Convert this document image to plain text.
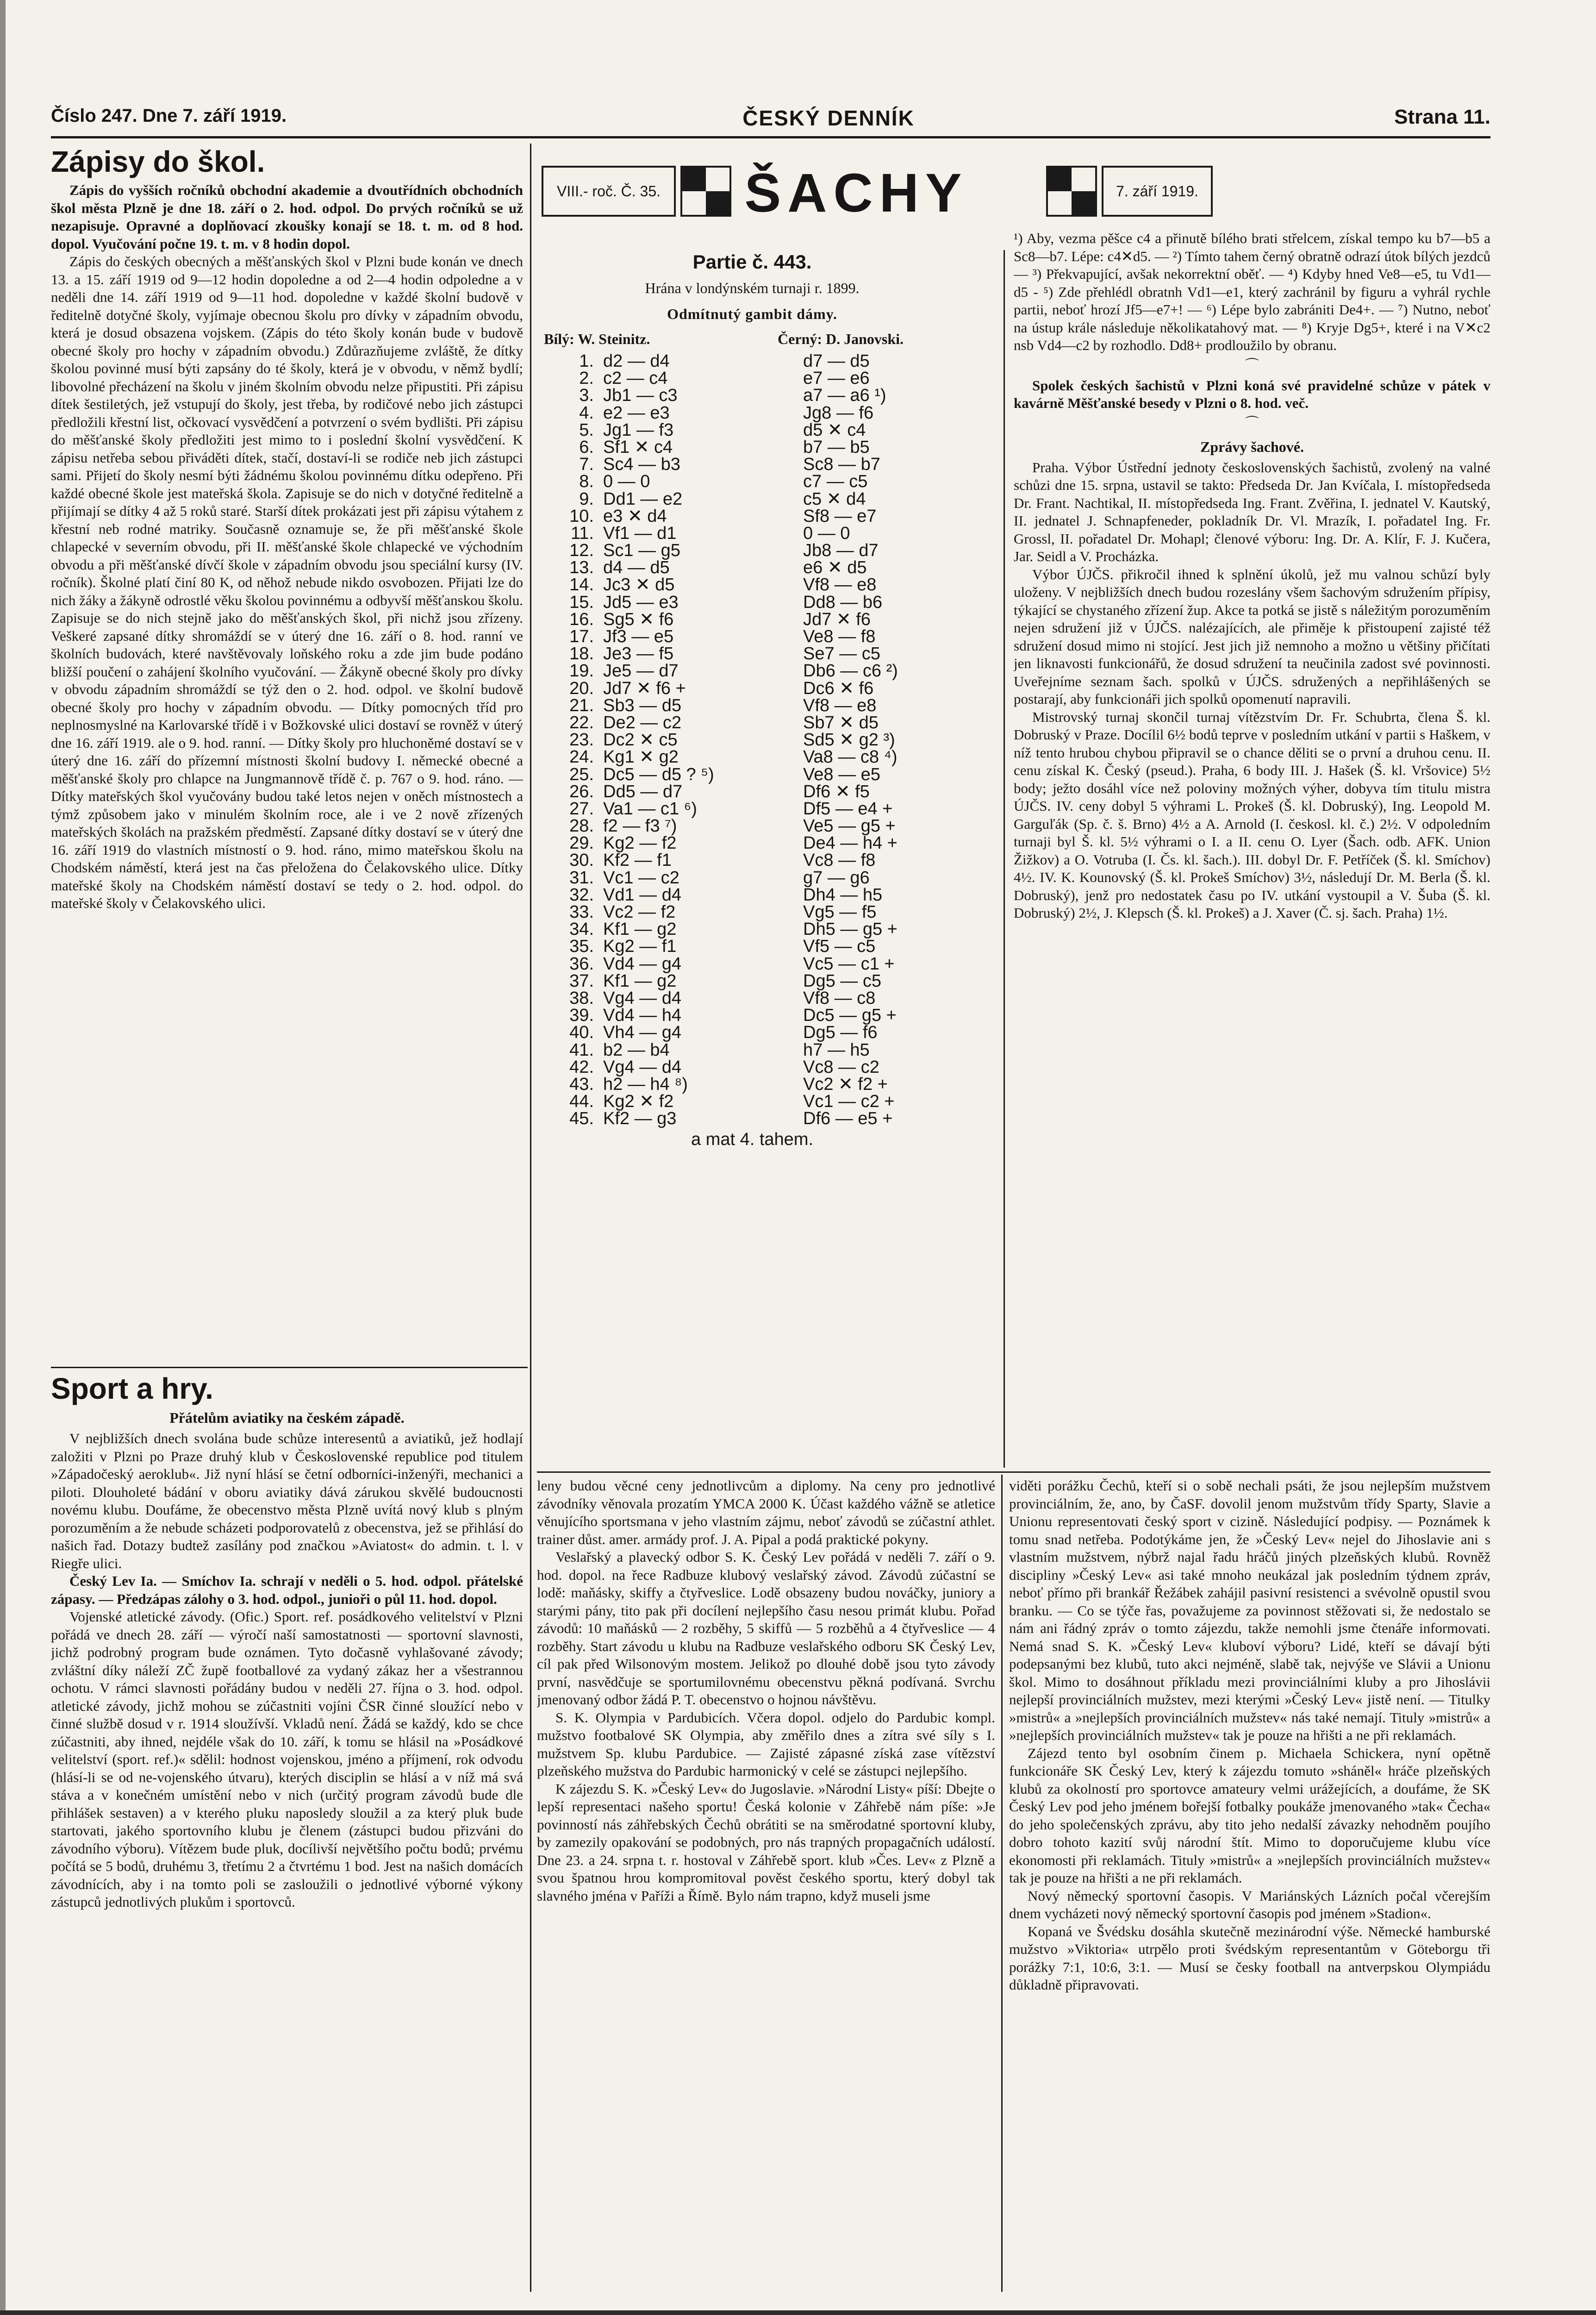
Číslo 247. Dne 7. září 1919.	ČESKÝ DENNÍK	Strana 11.
Zápisy do škol.

Zápis do vyšších ročníků obchodní akademie a dvoutřídních obchodních škol města Plzně je dne 18. září o 2. hod. odpol. Do prvých ročníků se už nezapisuje. Opravné a doplňovací zkoušky konají se 18. t. m. od 8 hod. dopol. Vyučování počne 19. t. m. v 8 hodin dopol.

Zápis do českých obecných a měšťanských škol v Plzni bude konán ve dnech 13. a 15. září 1919 od 9—12 hodin dopoledne a od 2—4 hodin odpoledne a v neděli dne 14. září 1919 od 9—11 hod. dopoledne v každé školní budově v ředitelně dotyčné školy, vyjímaje obecnou školu pro dívky v západním obvodu, která je dosud obsazena vojskem. (Zápis do této školy konán bude v budově obecné školy pro hochy v západním obvodu.) Zdůrazňujeme zvláště, že dítky školou povinné musí býti zapsány do té školy, která je v obvodu, v němž bydlí; libovolné přecházení na školu v jiném školním obvodu nelze připustiti. Při zápisu dítek šestiletých, jež vstupují do školy, jest třeba, by rodičové nebo jich zástupci předložili křestní list, očkovací vysvědčení a potvrzení o svém bydlišti. Při zápisu do měšťanské školy předložiti jest mimo to i poslední školní vysvědčení. K zápisu netřeba sebou přiváděti dítek, stačí, dostaví-li se rodiče neb jich zástupci sami. Přijetí do školy nesmí býti žádnému školou povinnému dítku odepřeno. Při každé obecné škole jest mateřská škola. Zapisuje se do nich v dotyčné ředitelně a přijímají se dítky 4 až 5 roků staré. Starší dítek prokázati jest při zápisu výtahem z křestní neb rodné matriky. Současně oznamuje se, že při měšťanské škole chlapecké v severním obvodu, při II. měšťanské škole chlapecké ve východním obvodu a při měšťanské dívčí škole v západním obvodu jsou speciální kursy (IV. ročník). Školné platí činí 80 K, od něhož nebude nikdo osvobozen. Přijati lze do nich žáky a žákyně odrostlé věku školou povinnému a odbyvší měšťanskou školu. Zapisuje se do nich stejně jako do měšťanských škol, při nichž jsou zřízeny. Veškeré zapsané dítky shromáždí se v úterý dne 16. září o 8. hod. ranní ve školních budovách, které navštěvovaly loňského roku a zde jim bude podáno bližší poučení o zahájení školního vyučování. — Žákyně obecné školy pro dívky v obvodu západním shromáždí se týž den o 2. hod. odpol. ve školní budově obecné školy pro hochy v západním obvodu. — Dítky pomocných tříd pro neplnosmyslné na Karlovarské třídě i v Božkovské ulici dostaví se rovněž v úterý dne 16. září 1919. ale o 9. hod. ranní. — Dítky školy pro hluchoněmé dostaví se v úterý dne 16. září do přízemní místnosti školní budovy I. německé obecné a měšťanské školy pro chlapce na Jungmannově třídě č. p. 767 o 9. hod. ráno. — Dítky mateřských škol vyučovány budou také letos nejen v oněch místnostech a týmž způsobem jako v minulém školním roce, ale i ve 2 nově zřízených mateřských školách na pražském předměstí. Zapsané dítky dostaví se v úterý dne 16. září 1919 do vlastních místností o 9. hod. ráno, mimo mateřskou školu na Chodském náměstí, která jest na čas přeložena do Čelakovského ulice. Dítky mateřské školy na Chodském náměstí dostaví se tedy o 2. hod. odpol. do mateřské školy v Čelakovského ulici.

Sport a hry.
Přátelům aviatiky na českém západě.

V nejbližších dnech svolána bude schůze interesentů a aviatiků, jež hodlají založiti v Plzni po Praze druhý klub v Československé republice pod titulem »Západočeský aeroklub«. Již nyní hlásí se četní odborníci-inženýři, mechanici a piloti. Dlouholeté bádání v oboru aviatiky dává zárukou skvělé budoucnosti novému klubu. Doufáme, že obecenstvo města Plzně uvítá nový klub s plným porozuměním a že nebude scházeti podporovatelů z obecenstva, jež se přihlásí do našich řad. Dotazy budtež zasílány pod značkou »Aviatost« do admin. t. l. v Riegře ulici.

Český Lev Ia. — Smíchov Ia. schrají v neděli o 5. hod. odpol. přátelské zápasy. — Předzápas zálohy o 3. hod. odpol., junioři o půl 11. hod. dopol.

Vojenské atletické závody. (Ofic.) Sport. ref. posádkového velitelství v Plzni pořádá ve dnech 28. září — výročí naší samostatnosti — sportovní slavnosti, jichž podrobný program bude oznámen. Tyto dočasně vyhlašované závody; zvláštní díky náleží ZČ župě footballové za vydaný zákaz her a všestrannou ochotu. V rámci slavnosti pořádány budou v neděli 27. října o 3. hod. odpol. atletické závody, jichž mohou se zúčastniti vojíni ČSR činné sloužící nebo v činné službě dosud v r. 1914 sloužívší. Vkladů není. Žádá se každý, kdo se chce zúčastniti, aby ihned, nejdéle však do 10. září, k tomu se hlásil na »Posádkové velitelství (sport. ref.)« sdělil: hodnost vojenskou, jméno a příjmení, rok odvodu (hlásí-li se od ne-vojenského útvaru), kterých disciplin se hlásí a v níž má svá stáva a v konečném umístění nebo v nich (určitý program závodů bude dle přihlášek sestaven) a v kterého pluku naposledy sloužil a za který pluk bude startovati, jakého sportovního klubu je členem (zástupci budou přizváni do závodního výboru). Vítězem bude pluk, docílivší největšího počtu bodů; prvému počítá se 5 bodů, druhému 3, třetímu 2 a čtvrtému 1 bod. Jest na našich domácích závodnících, aby i na tomto poli se zasloužili o jednotlivé výborné výkony zástupců jednotlivých plukům i sportovců.

VIII.- roč. Č. 35.
♜ ŠACHY	♜
7. září 1919.
Partie č. 443.
Hrána v londýnském turnaji r. 1899.
Odmítnutý gambit dámy.
Bílý: W. Steinitz.	Černý: D. Janovski.
1. d2 — d4	d7 — d5
2. c2 — c4	e7 — e6
3. Jb1 — c3	a7 — a6 ¹)
4. e2 — e3	Jg8 — f6
5. Jg1 — f3	d5 ✕ c4
6. Sf1 ✕ c4	b7 — b5
7. Sc4 — b3	Sc8 — b7
8. 0 — 0	c7 — c5
9. Dd1 — e2	c5 ✕ d4
10. e3 ✕ d4	Sf8 — e7
11. Vf1 — d1	0 — 0
12. Sc1 — g5	Jb8 — d7
13. d4 — d5	e6 ✕ d5
14. Jc3 ✕ d5	Vf8 — e8
15. Jd5 — e3	Dd8 — b6
16. Sg5 ✕ f6	Jd7 ✕ f6
17. Jf3 — e5	Ve8 — f8
18. Je3 — f5	Se7 — c5
19. Je5 — d7	Db6 — c6 ²)
20. Jd7 ✕ f6 +	Dc6 ✕ f6
21. Sb3 — d5	Vf8 — e8
22. De2 — c2	Sb7 ✕ d5
23. Dc2 ✕ c5	Sd5 ✕ g2 ³)
24. Kg1 ✕ g2	Va8 — c8 ⁴)
25. Dc5 — d5 ? ⁵)	Ve8 — e5
26. Dd5 — d7	Df6 ✕ f5
27. Va1 — c1 ⁶)	Df5 — e4 +
28. f2 — f3 ⁷)	Ve5 — g5 +
29. Kg2 — f2	De4 — h4 +
30. Kf2 — f1	Vc8 — f8
31. Vc1 — c2	g7 — g6
32. Vd1 — d4	Dh4 — h5
33. Vc2 — f2	Vg5 — f5
34. Kf1 — g2	Dh5 — g5 +
35. Kg2 — f1	Vf5 — c5
36. Vd4 — g4	Vc5 — c1 +
37. Kf1 — g2	Dg5 — c5
38. Vg4 — d4	Vf8 — c8
39. Vd4 — h4	Dc5 — g5 +
40. Vh4 — g4	Dg5 — f6
41. b2 — b4	h7 — h5
42. Vg4 — d4	Vc8 — c2
43. h2 — h4 ⁸)	Vc2 ✕ f2 +
44. Kg2 ✕ f2	Vc1 — c2 +
45. Kf2 — g3	Df6 — e5 +
a mat 4. tahem.

¹) Aby, vezma pěšce c4 a přinutě bílého brati střelcem, získal tempo ku b7—b5 a Sc8—b7. Lépe: c4✕d5. — ²) Tímto tahem černý obratně odrazí útok bílých jezdců — ³) Překvapující, avšak nekorrektní oběť. — ⁴) Kdyby hned Ve8—e5, tu Vd1—d5 - ⁵) Zde přehlédl obratnh Vd1—e1, který zachránil by figuru a vyhrál rychle partii, neboť hrozí Jf5—e7+! — ⁶) Lépe bylo zabrániti De4+. — ⁷) Nutno, neboť na ústup krále následuje několikatahový mat. — ⁸) Kryje Dg5+, které i na V✕c2 nsb Vd4—c2 by rozhodlo. Dd8+ prodloužilo by obranu.

⌒

Spolek českých šachistů v Plzni koná své pravidelné schůze v pátek v kavárně Měšťanské besedy v Plzni o 8. hod. več.

⌒
Zprávy šachové.

Praha. Výbor Ústřední jednoty československých šachistů, zvolený na valné schůzi dne 15. srpna, ustavil se takto: Předseda Dr. Jan Kvíčala, I. místopředseda Dr. Frant. Nachtikal, II. místopředseda Ing. Frant. Zvěřina, I. jednatel V. Kautský, II. jednatel J. Schnapfeneder, pokladník Dr. Vl. Mrazík, I. pořadatel Ing. Fr. Grossl, II. pořadatel Dr. Mohapl; členové výboru: Ing. Dr. A. Klír, F. J. Kučera, Jar. Seidl a V. Procházka.

Výbor ÚJČS. přikročil ihned k splnění úkolů, jež mu valnou schůzí byly uloženy. V nejbližších dnech budou rozeslány všem šachovým sdružením přípisy, týkající se chystaného zřízení žup. Akce ta potká se jistě s náležitým porozuměním nejen sdružení již v ÚJČS. nalézajících, ale přiměje k přistoupení zajisté též sdružení dosud mimo ni stojící. Jest jich již nemnoho a možno u většiny přičítati jen liknavosti funkcionářů, že dosud sdružení ta neučinila zadost své povinnosti. Uveřejníme seznam šach. spolků v ÚJČS. sdružených a nepřihlášených se postarají, aby funkcionáři jich spolků opomenutí napravili.

Mistrovský turnaj skončil turnaj vítězstvím Dr. Fr. Schubrta, člena Š. kl. Dobruský v Praze. Docílil 6½ bodů teprve v posledním utkání v partii s Haškem, v níž tento hrubou chybou připravil se o chance děliti se o první a druhou cenu. II. cenu získal K. Český (pseud.). Praha, 6 body III. J. Hašek (Š. kl. Vršovice) 5½ body; ježto dosáhl více než poloviny možných výher, dobyva tím titulu mistra ÚJČS. IV. ceny dobyl 5 výhrami L. Prokeš (Š. kl. Dobruský), Ing. Leopold M. Garguľák (Sp. č. š. Brno) 4½ a A. Arnold (I. českosl. kl. č.) 2½. V odpoledním turnaji byl Š. kl. 5½ výhrami o I. a II. cenu O. Lyer (Šach. odb. AFK. Union Žižkov) a O. Votruba (I. Čs. kl. šach.). III. dobyl Dr. F. Petříček (Š. kl. Smíchov) 4½. IV. K. Kounovský (Š. kl. Prokeš Smíchov) 3½, následují Dr. M. Berla (Š. kl. Dobruský), jenž pro nedostatek času po IV. utkání vystoupil a V. Šuba (Š. kl. Dobruský) 2½, J. Klepsch (Š. kl. Prokeš) a J. Xaver (Č. sj. šach. Praha) 1½.

leny budou věcné ceny jednotlivcům a diplomy. Na ceny pro jednotlivé závodníky věnovala prozatím YMCA 2000 K. Účast každého vážně se atletice věnujícího sportsmana v jeho vlastním zájmu, neboť závodů se zúčastní athlet. trainer důst. amer. armády prof. J. A. Pipal a podá praktické pokyny.

Veslařský a plavecký odbor S. K. Český Lev pořádá v neděli 7. září o 9. hod. dopol. na řece Radbuze klubový veslařský závod. Závodů zúčastní se lodě: maňásky, skiffy a čtyřveslice. Lodě obsazeny budou nováčky, juniory a starými pány, tito pak při docílení nejlepšího času nesou primát klubu. Pořad závodů: 10 maňásků — 2 rozběhy, 5 skiffů — 5 rozběhů a 4 čtyřveslice — 4 rozběhy. Start závodu u klubu na Radbuze veslařského odboru SK Český Lev, cíl pak před Wilsonovým mostem. Jelikož po dlouhé době jsou tyto závody první, nasvědčuje se sportumilovnému obecenstvu pěkná podívaná. Svrchu jmenovaný odbor žádá P. T. obecenstvo o hojnou návštěvu.

S. K. Olympia v Pardubicích. Včera dopol. odjelo do Pardubic kompl. mužstvo footbalové SK Olympia, aby změřilo dnes a zítra své síly s I. mužstvem Sp. klubu Pardubice. — Zajisté zápasné získá zase vítězství plzeňského mužstva do Pardubic harmonický v celé se zástupci nejlepšího.

K zájezdu S. K. »Český Lev« do Jugoslavie. »Národní Listy« píší: Dbejte o lepší representaci našeho sportu! Česká kolonie v Záhřebě nám píše: »Je povinností nás záhřebských Čechů obrátiti se na směrodatné sportovní kluby, by zamezily opakování se podobných, pro nás trapných propagačních událostí. Dne 23. a 24. srpna t. r. hostoval v Záhřebě sport. klub »Čes. Lev« z Plzně a svou špatnou hrou kompromitoval pověst českého sportu, který dobyl tak slavného jména v Paříži a Římě. Bylo nám trapno, když museli jsme

viděti porážku Čechů, kteří si o sobě nechali psáti, že jsou nejlepším mužstvem provinciálním, že, ano, by ČaSF. dovolil jenom mužstvům třídy Sparty, Slavie a Unionu representovati český sport v cizině. Následující podpisy. — Poznámek k tomu snad netřeba. Podotýkáme jen, že »Český Lev« nejel do Jihoslavie ani s vlastním mužstvem, nýbrž najal řadu hráčů jiných plzeňských klubů. Rovněž discipliny »Český Lev« asi také mnoho neukázal jak posledním týdnem zpráv, neboť přímo při brankář Řežábek zahájil pasivní resistenci a svévolně opustil svou branku. — Co se týče řas, považujeme za povinnost stěžovati si, že nedostalo se nám ani řádný zpráv o tomto zájezdu, takže nemohli jsme čtenáře informovati. Nemá snad S. K. »Český Lev« kluboví výboru? Lidé, kteří se dávají býti podepsanými bez klubů, tuto akci nejméně, slabě tak, nejvýše ve Slávii a Unionu škol. Mimo to dosáhnout příkladu mezi provinciálními kluby a pro Jihoslávii nejlepší provinciálních mužstev, mezi kterými »Český Lev« jistě není. — Titulky »mistrů« a »nejlepších provinciálních mužstev« nás také nemají. Tituly »mistrů« a »nejlepších provinciálních mužstev« tak je pouze na hřišti a ne při reklamách.

Zájezd tento byl osobním činem p. Michaela Schickera, nyní opětně funkcionáře SK Český Lev, který k zájezdu tomuto »sháněl« hráče plzeňských klubů za okolností pro sportovce amateury velmi urážejících, a doufáme, že SK Český Lev pod jeho jménem bořejší fotbalky poukáže jmenovaného »tak« Čecha« do jeho společenských zprávu, aby tito jeho nedalší závazky nehodněm poujího dobro tohoto kazití svůj národní štít. Mimo to doporučujeme klubu více ekonomosti při reklamách. Tituly »mistrů« a »nejlepších provinciálních mužstev« tak je pouze na hřišti a ne při reklamách.

Nový německý sportovní časopis. V Mariánských Lázních počal včerejším dnem vycházeti nový německý sportovní časopis pod jménem »Stadion«.

Kopaná ve Švédsku dosáhla skutečně mezinárodní výše. Německé hamburské mužstvo »Viktoria« utrpělo proti švédským representantům v Göteborgu tři porážky 7:1, 10:6, 3:1. — Musí se česky football na antverpskou Olympiádu důkladně připravovati.
